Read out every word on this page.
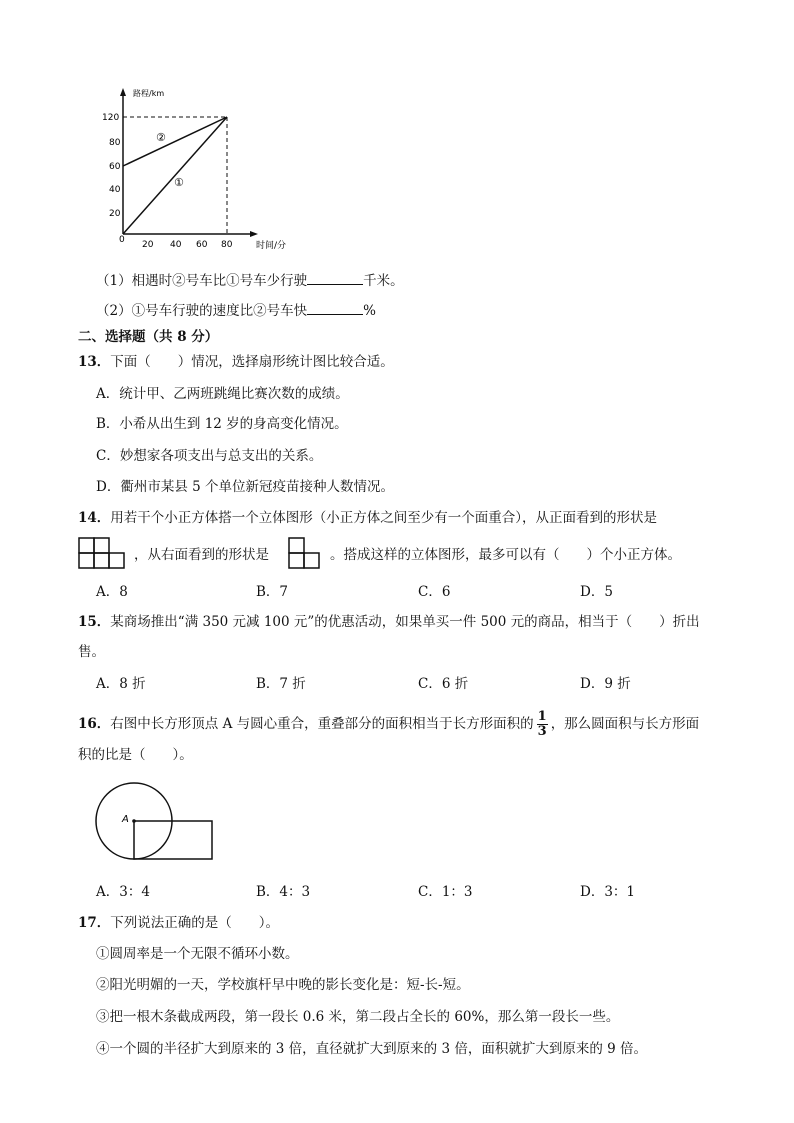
路程/km
时间/分
②
①
0
20
40
60
80
120
20 40 60 80
（1）相遇时②号车比①号车少行驶	千米。
（2）①号车行驶的速度比②号车快	%
二、选择题（共 8 分）
13．下面（　　）情况，选择扇形统计图比较合适。
A．统计甲、乙两班跳绳比赛次数的成绩。
B．小希从出生到 12 岁的身高变化情况。
C．妙想家各项支出与总支出的关系。
D．衢州市某县 5 个单位新冠疫苗接种人数情况。
14．用若干个小正方体搭一个立体图形（小正方体之间至少有一个面重合），从正面看到的形状是
，从右面看到的形状是	。搭成这样的立体图形，最多可以有（　　）个小正方体。
A．8	B．7	C．6	D．5
15．某商场推出“满 350 元减 100 元”的优惠活动，如果单买一件 500 元的商品，相当于（　　）折出
售。
A．8 折	B．7 折	C．6 折	D．9 折
16．右图中长方形顶点 A 与圆心重合，重叠部分的面积相当于长方形面积的 $\frac{1}{3}$ ，那么圆面积与长方形面
积的比是（　　）。
A
A．3：4	B．4：3	C．1：3	D．3：1
17．下列说法正确的是（　　）。
①圆周率是一个无限不循环小数。
②阳光明媚的一天，学校旗杆早中晚的影长变化是：短-长-短。
③把一根木条截成两段，第一段长 0.6 米，第二段占全长的 60%，那么第一段长一些。
④一个圆的半径扩大到原来的 3 倍，直径就扩大到原来的 3 倍，面积就扩大到原来的 9 倍。
